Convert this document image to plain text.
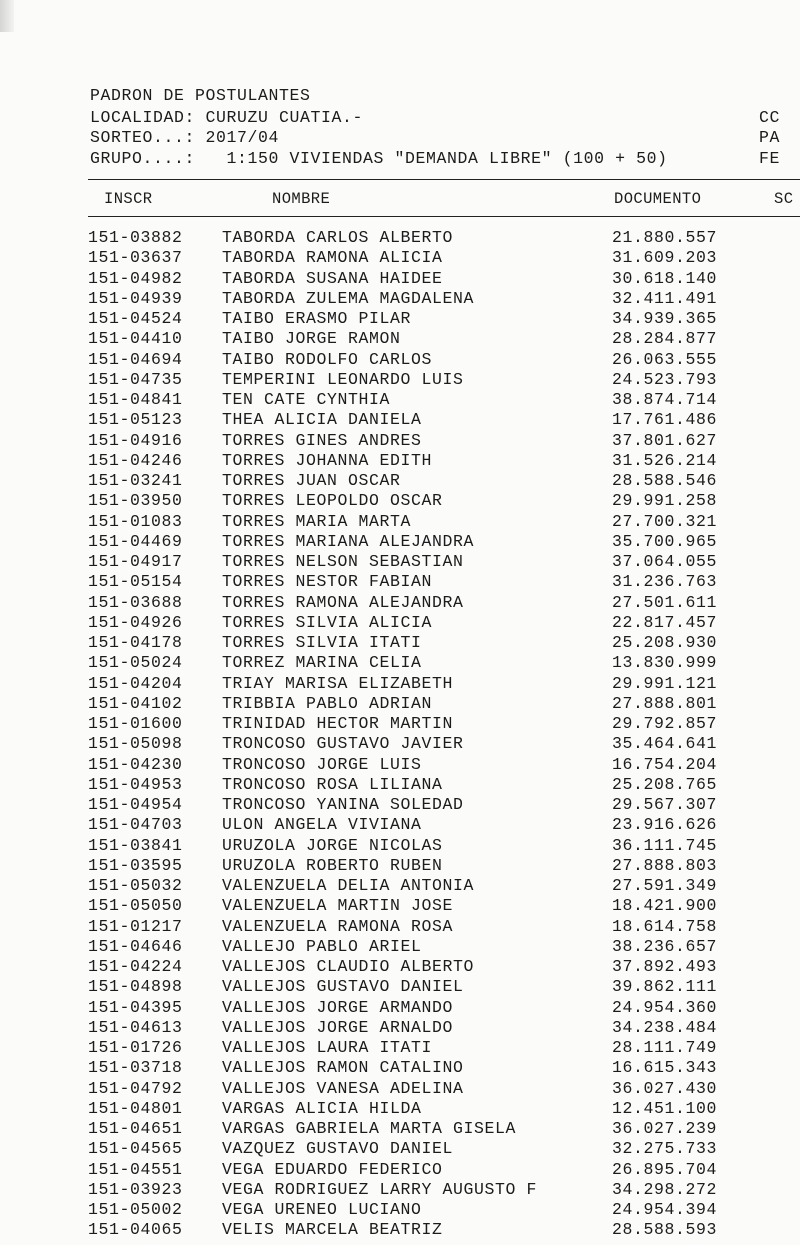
PADRON DE POSTULANTES
LOCALIDAD: CURUZU CUATIA.-
SORTEO...: 2017/04
GRUPO....:   1:150 VIVIENDAS "DEMANDA LIBRE" (100 + 50)
CC
PA
FE
INSCR	NOMBRE	DOCUMENTO	SC
151-03882 TABORDA CARLOS ALBERTO	21.880.557
151-03637 TABORDA RAMONA ALICIA	31.609.203
151-04982 TABORDA SUSANA HAIDEE	30.618.140
151-04939 TABORDA ZULEMA MAGDALENA	32.411.491
151-04524 TAIBO ERASMO PILAR	34.939.365
151-04410 TAIBO JORGE RAMON	28.284.877
151-04694 TAIBO RODOLFO CARLOS	26.063.555
151-04735 TEMPERINI LEONARDO LUIS	24.523.793
151-04841 TEN CATE CYNTHIA	38.874.714
151-05123 THEA ALICIA DANIELA	17.761.486
151-04916 TORRES GINES ANDRES	37.801.627
151-04246 TORRES JOHANNA EDITH	31.526.214
151-03241 TORRES JUAN OSCAR	28.588.546
151-03950 TORRES LEOPOLDO OSCAR	29.991.258
151-01083 TORRES MARIA MARTA	27.700.321
151-04469 TORRES MARIANA ALEJANDRA	35.700.965
151-04917 TORRES NELSON SEBASTIAN	37.064.055
151-05154 TORRES NESTOR FABIAN	31.236.763
151-03688 TORRES RAMONA ALEJANDRA	27.501.611
151-04926 TORRES SILVIA ALICIA	22.817.457
151-04178 TORRES SILVIA ITATI	25.208.930
151-05024 TORREZ MARINA CELIA	13.830.999
151-04204 TRIAY MARISA ELIZABETH	29.991.121
151-04102 TRIBBIA PABLO ADRIAN	27.888.801
151-01600 TRINIDAD HECTOR MARTIN	29.792.857
151-05098 TRONCOSO GUSTAVO JAVIER	35.464.641
151-04230 TRONCOSO JORGE LUIS	16.754.204
151-04953 TRONCOSO ROSA LILIANA	25.208.765
151-04954 TRONCOSO YANINA SOLEDAD	29.567.307
151-04703 ULON ANGELA VIVIANA	23.916.626
151-03841 URUZOLA JORGE NICOLAS	36.111.745
151-03595 URUZOLA ROBERTO RUBEN	27.888.803
151-05032 VALENZUELA DELIA ANTONIA	27.591.349
151-05050 VALENZUELA MARTIN JOSE	18.421.900
151-01217 VALENZUELA RAMONA ROSA	18.614.758
151-04646 VALLEJO PABLO ARIEL	38.236.657
151-04224 VALLEJOS CLAUDIO ALBERTO	37.892.493
151-04898 VALLEJOS GUSTAVO DANIEL	39.862.111
151-04395 VALLEJOS JORGE ARMANDO	24.954.360
151-04613 VALLEJOS JORGE ARNALDO	34.238.484
151-01726 VALLEJOS LAURA ITATI	28.111.749
151-03718 VALLEJOS RAMON CATALINO	16.615.343
151-04792 VALLEJOS VANESA ADELINA	36.027.430
151-04801 VARGAS ALICIA HILDA	12.451.100
151-04651 VARGAS GABRIELA MARTA GISELA	36.027.239
151-04565 VAZQUEZ GUSTAVO DANIEL	32.275.733
151-04551 VEGA EDUARDO FEDERICO	26.895.704
151-03923 VEGA RODRIGUEZ LARRY AUGUSTO F	34.298.272
151-05002 VEGA URENEO LUCIANO	24.954.394
151-04065 VELIS MARCELA BEATRIZ	28.588.593
